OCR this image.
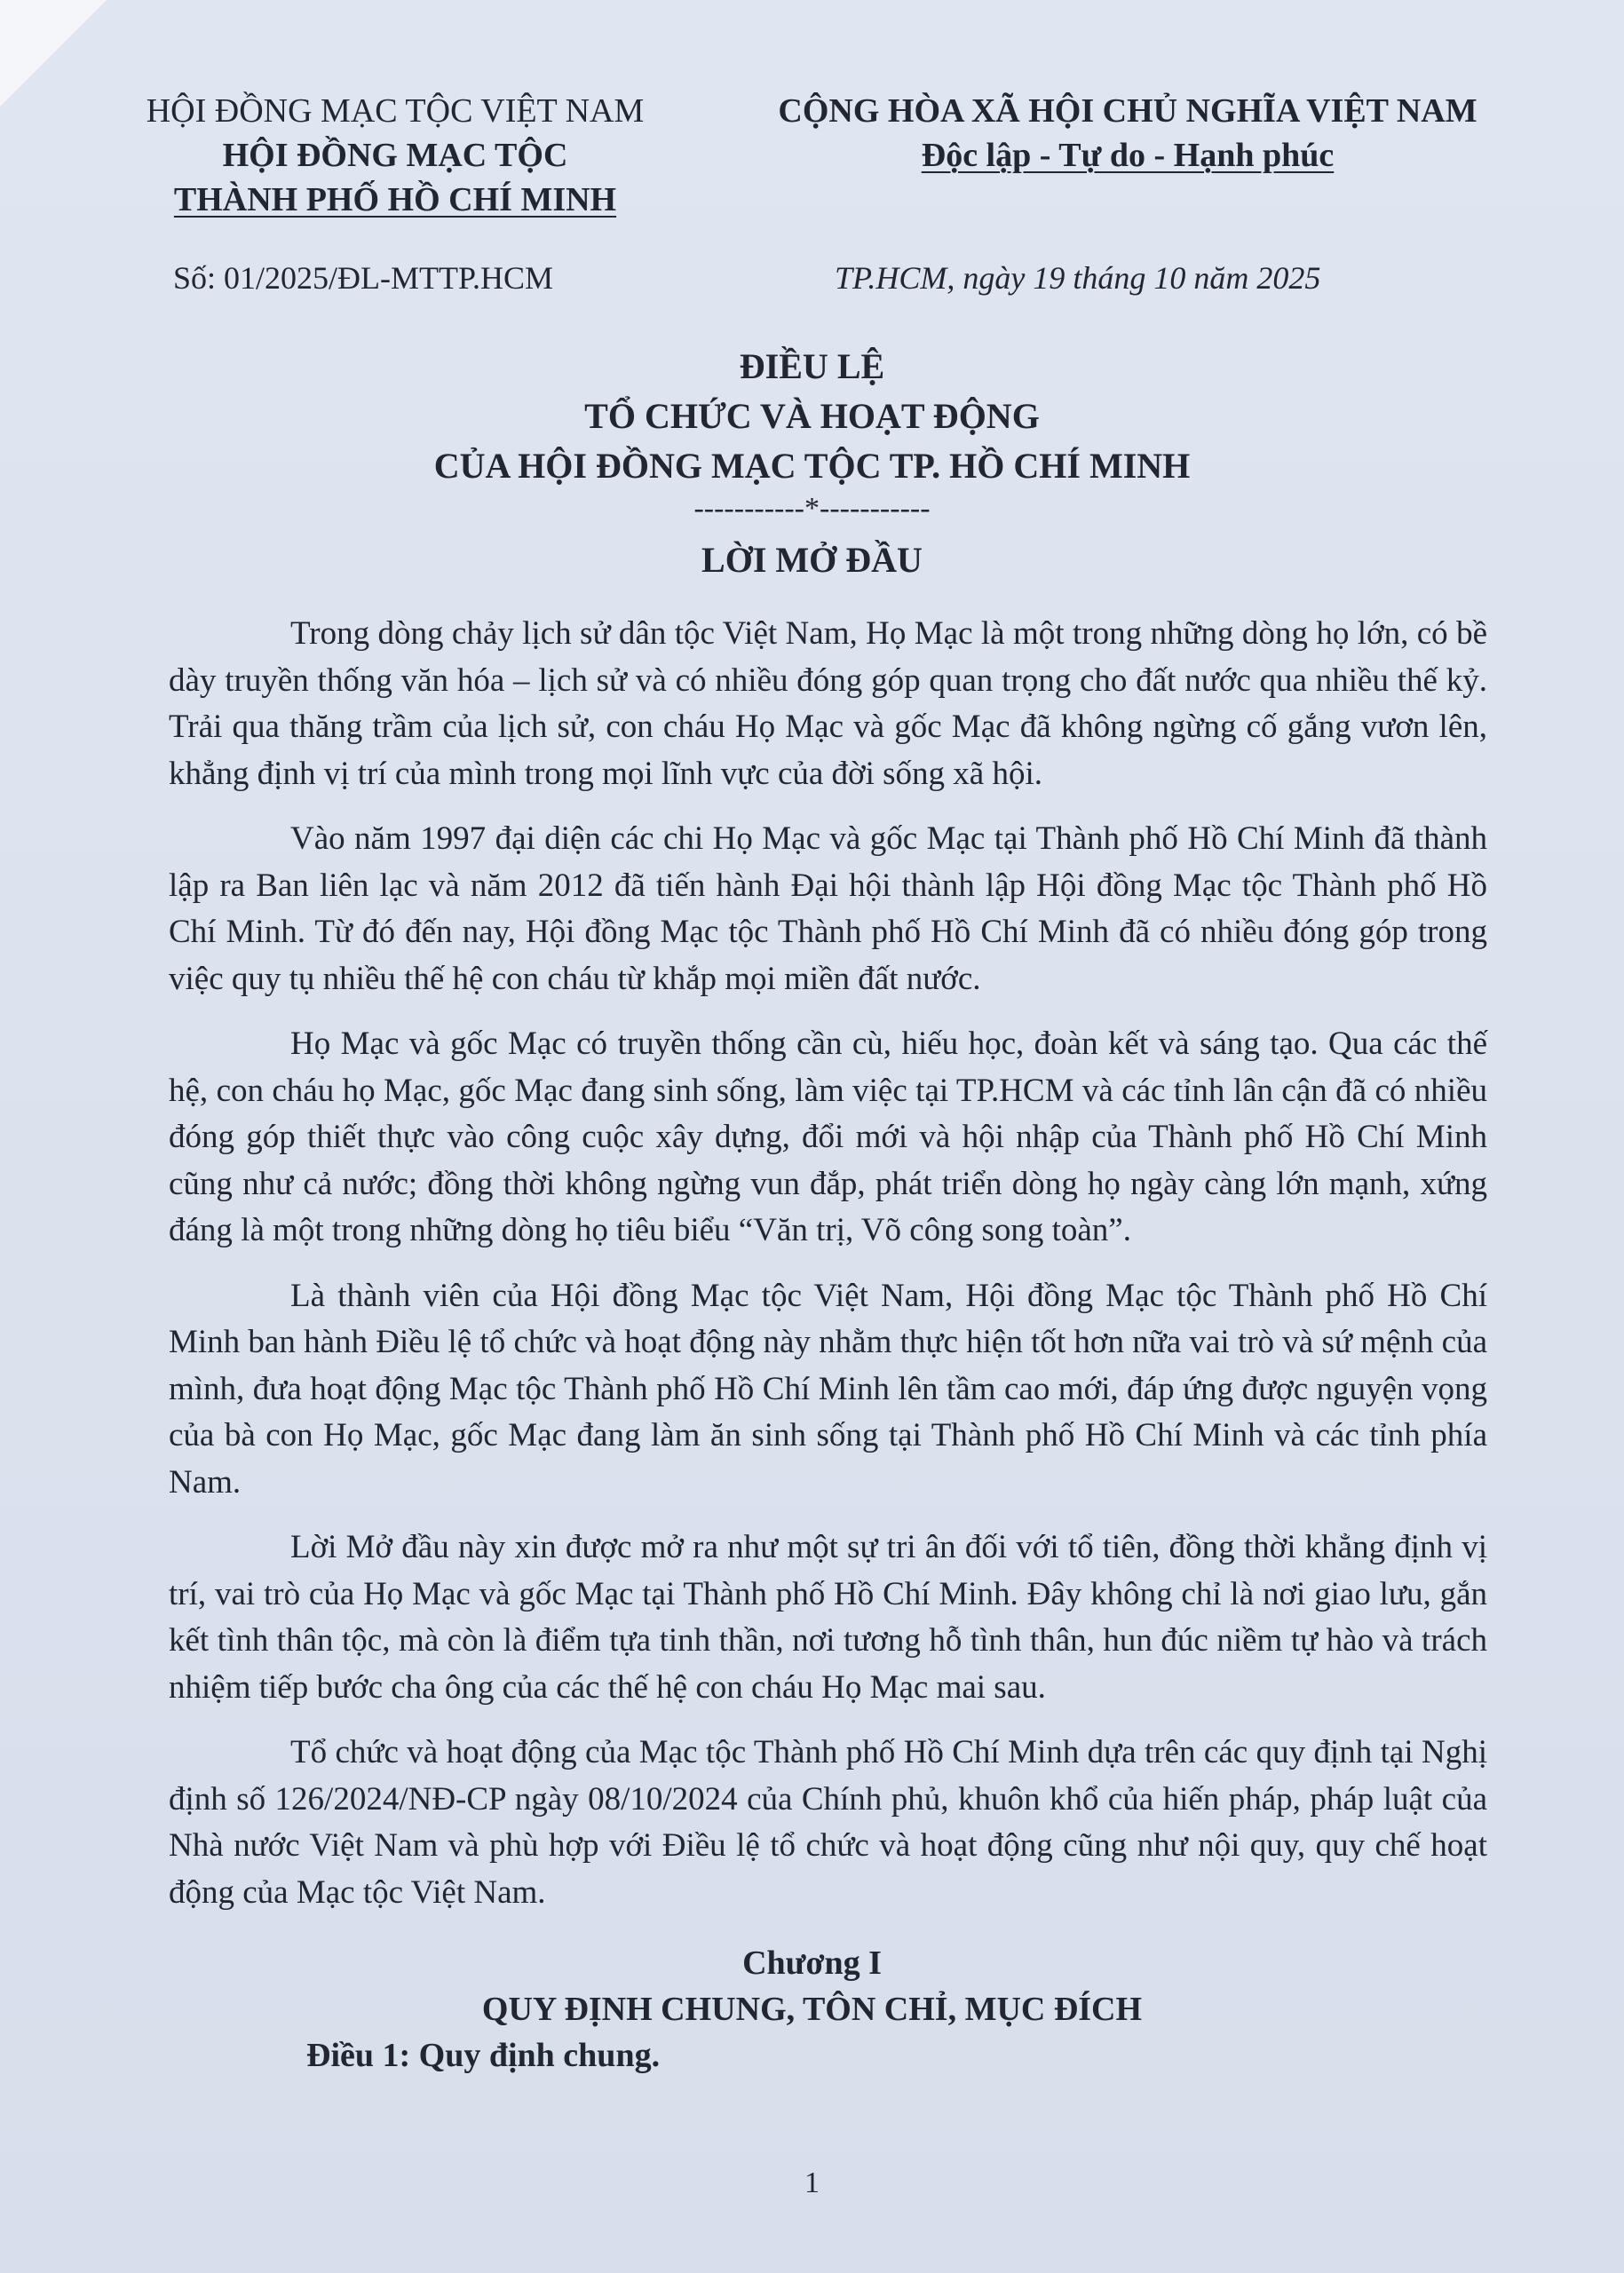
HỘI ĐỒNG MẠC TỘC VIỆT NAM
HỘI ĐỒNG MẠC TỘC
THÀNH PHỐ HỒ CHÍ MINH
CỘNG HÒA XÃ HỘI CHỦ NGHĨA VIỆT NAM
Độc lập - Tự do - Hạnh phúc
Số: 01/2025/ĐL-MTTP.HCM	TP.HCM, ngày 19 tháng 10 năm 2025
ĐIỀU LỆ
TỔ CHỨC VÀ HOẠT ĐỘNG
CỦA HỘI ĐỒNG MẠC TỘC TP. HỒ CHÍ MINH
-----------*-----------
LỜI MỞ ĐẦU

Trong dòng chảy lịch sử dân tộc Việt Nam, Họ Mạc là một trong những dòng họ lớn, có bề dày truyền thống văn hóa – lịch sử và có nhiều đóng góp quan trọng cho đất nước qua nhiều thế kỷ. Trải qua thăng trầm của lịch sử, con cháu Họ Mạc và gốc Mạc đã không ngừng cố gắng vươn lên, khẳng định vị trí của mình trong mọi lĩnh vực của đời sống xã hội.

Vào năm 1997 đại diện các chi Họ Mạc và gốc Mạc tại Thành phố Hồ Chí Minh đã thành lập ra Ban liên lạc và năm 2012 đã tiến hành Đại hội thành lập Hội đồng Mạc tộc Thành phố Hồ Chí Minh. Từ đó đến nay, Hội đồng Mạc tộc Thành phố Hồ Chí Minh đã có nhiều đóng góp trong việc quy tụ nhiều thế hệ con cháu từ khắp mọi miền đất nước.

Họ Mạc và gốc Mạc có truyền thống cần cù, hiếu học, đoàn kết và sáng tạo. Qua các thế hệ, con cháu họ Mạc, gốc Mạc đang sinh sống, làm việc tại TP.HCM và các tỉnh lân cận đã có nhiều đóng góp thiết thực vào công cuộc xây dựng, đổi mới và hội nhập của Thành phố Hồ Chí Minh cũng như cả nước; đồng thời không ngừng vun đắp, phát triển dòng họ ngày càng lớn mạnh, xứng đáng là một trong những dòng họ tiêu biểu “Văn trị, Võ công song toàn”.

Là thành viên của Hội đồng Mạc tộc Việt Nam, Hội đồng Mạc tộc Thành phố Hồ Chí Minh ban hành Điều lệ tổ chức và hoạt động này nhằm thực hiện tốt hơn nữa vai trò và sứ mệnh của mình, đưa hoạt động Mạc tộc Thành phố Hồ Chí Minh lên tầm cao mới, đáp ứng được nguyện vọng của bà con Họ Mạc, gốc Mạc đang làm ăn sinh sống tại Thành phố Hồ Chí Minh và các tỉnh phía Nam.

Lời Mở đầu này xin được mở ra như một sự tri ân đối với tổ tiên, đồng thời khẳng định vị trí, vai trò của Họ Mạc và gốc Mạc tại Thành phố Hồ Chí Minh. Đây không chỉ là nơi giao lưu, gắn kết tình thân tộc, mà còn là điểm tựa tinh thần, nơi tương hỗ tình thân, hun đúc niềm tự hào và trách nhiệm tiếp bước cha ông của các thế hệ con cháu Họ Mạc mai sau.

Tổ chức và hoạt động của Mạc tộc Thành phố Hồ Chí Minh dựa trên các quy định tại Nghị định số 126/2024/NĐ-CP ngày 08/10/2024 của Chính phủ, khuôn khổ của hiến pháp, pháp luật của Nhà nước Việt Nam và phù hợp với Điều lệ tổ chức và hoạt động cũng như nội quy, quy chế hoạt động của Mạc tộc Việt Nam.

Chương I
QUY ĐỊNH CHUNG, TÔN CHỈ, MỤC ĐÍCH
Điều 1: Quy định chung.
1
